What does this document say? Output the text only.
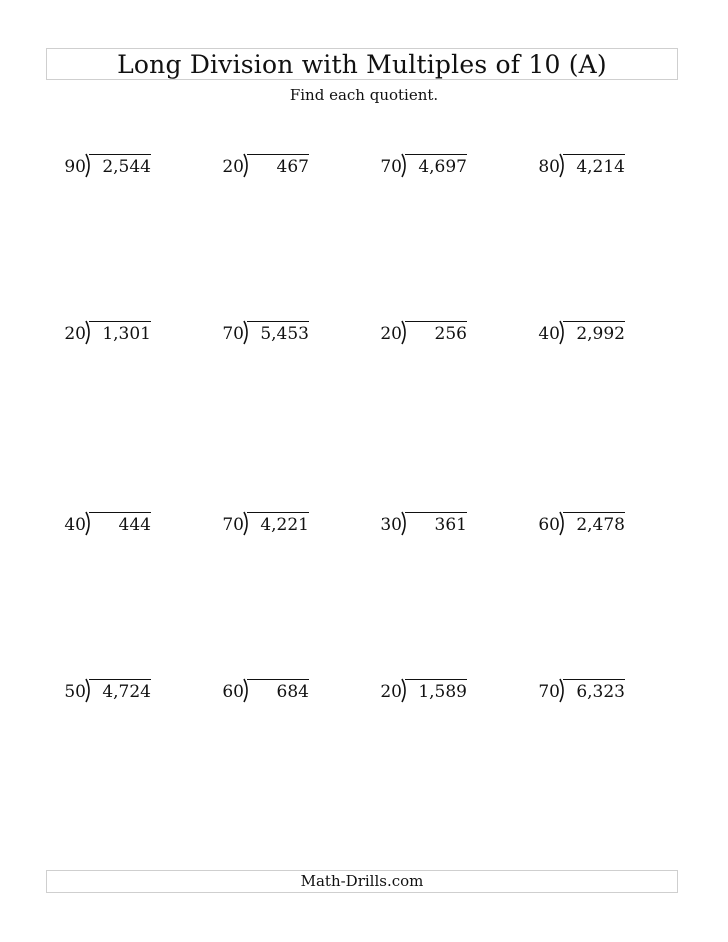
Long Division with Multiples of 10 (A)
Find each quotient.
90 2,544	20	467	70 4,697	80 4,214
20 1,301	70 5,453	20	256	40 2,992
40	444	70 4,221	30	361	60 2,478
50 4,724	60	684	20 1,589	70 6,323
Math-Drills.com
